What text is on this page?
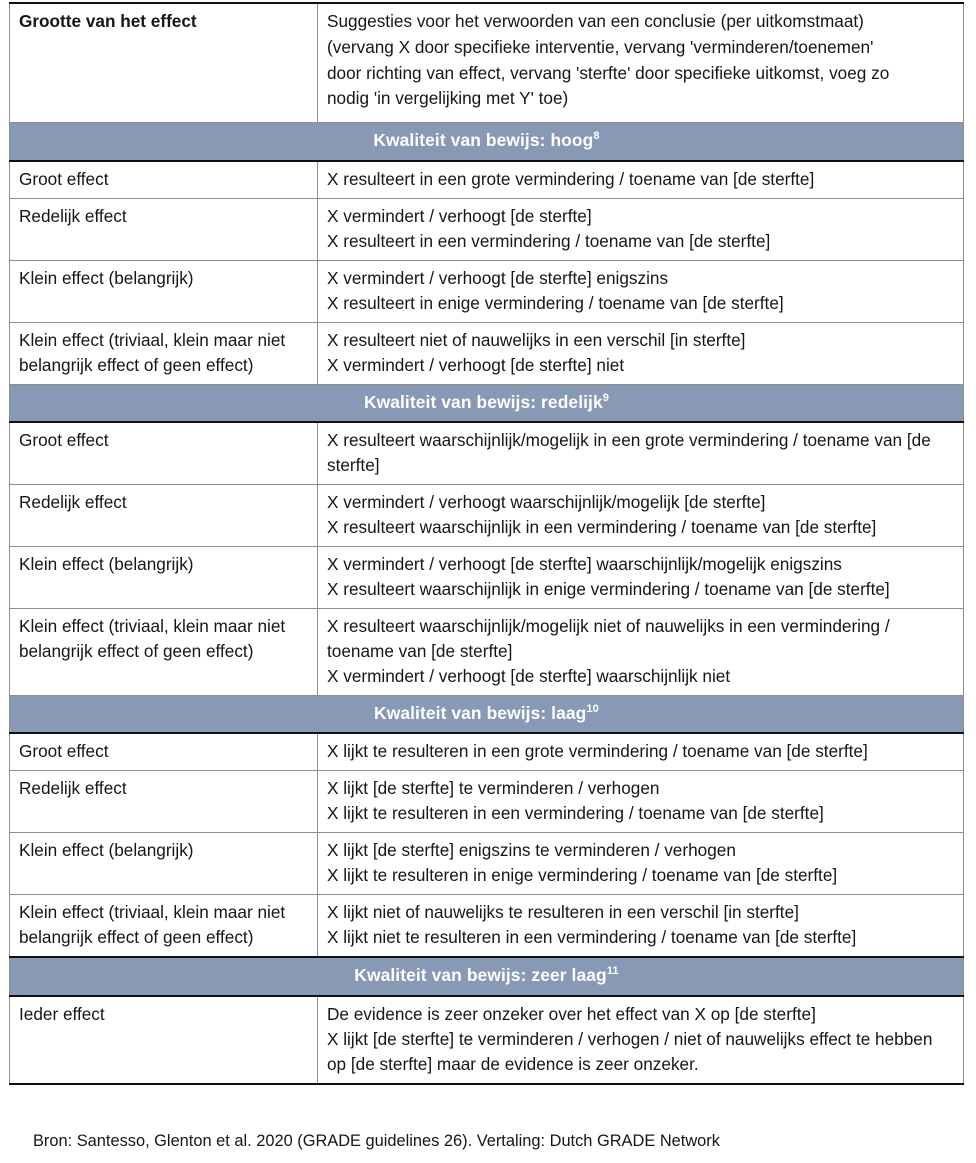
Grootte van het effect	Suggesties voor het verwoorden van een conclusie (per uitkomstmaat)
(vervang X door specifieke interventie, vervang 'verminderen/toenemen'
door richting van effect, vervang 'sterfte' door specifieke uitkomst, voeg zo
nodig 'in vergelijking met Y' toe)

Kwaliteit van bewijs: hoog$^8$
Groot effect	X resulteert in een grote vermindering / toename van [de sterfte]

Redelijk effect	X vermindert / verhoogt [de sterfte]
X resulteert in een vermindering / toename van [de sterfte]

Klein effect (belangrijk)	X vermindert / verhoogt [de sterfte] enigszins
X resulteert in enige vermindering / toename van [de sterfte]

Klein effect (triviaal, klein maar niet belangrijk effect of geen effect)	X resulteert niet of nauwelijks in een verschil [in sterfte]
X vermindert / verhoogt [de sterfte] niet

Kwaliteit van bewijs: redelijk$^9$
Groot effect	X resulteert waarschijnlijk/mogelijk in een grote vermindering / toename van [de sterfte]

Redelijk effect	X vermindert / verhoogt waarschijnlijk/mogelijk [de sterfte]
X resulteert waarschijnlijk in een vermindering / toename van [de sterfte]

Klein effect (belangrijk)	X vermindert / verhoogt [de sterfte] waarschijnlijk/mogelijk enigszins
X resulteert waarschijnlijk in enige vermindering / toename van [de sterfte]

Klein effect (triviaal, klein maar niet belangrijk effect of geen effect)	X resulteert waarschijnlijk/mogelijk niet of nauwelijks in een vermindering / toename van [de sterfte]
X vermindert / verhoogt [de sterfte] waarschijnlijk niet

Kwaliteit van bewijs: laag$^{10}$
Groot effect	X lijkt te resulteren in een grote vermindering / toename van [de sterfte]

Redelijk effect	X lijkt [de sterfte] te verminderen / verhogen
X lijkt te resulteren in een vermindering / toename van [de sterfte]

Klein effect (belangrijk)	X lijkt [de sterfte] enigszins te verminderen / verhogen
X lijkt te resulteren in enige vermindering / toename van [de sterfte]

Klein effect (triviaal, klein maar niet belangrijk effect of geen effect)	X lijkt niet of nauwelijks te resulteren in een verschil [in sterfte]
X lijkt niet te resulteren in een vermindering / toename van [de sterfte]

Kwaliteit van bewijs: zeer laag$^{11}$
Ieder effect	De evidence is zeer onzeker over het effect van X op [de sterfte]
X lijkt [de sterfte] te verminderen / verhogen / niet of nauwelijks effect te hebben op [de sterfte] maar de evidence is zeer onzeker.
Bron: Santesso, Glenton et al. 2020 (GRADE guidelines 26). Vertaling: Dutch GRADE Network
